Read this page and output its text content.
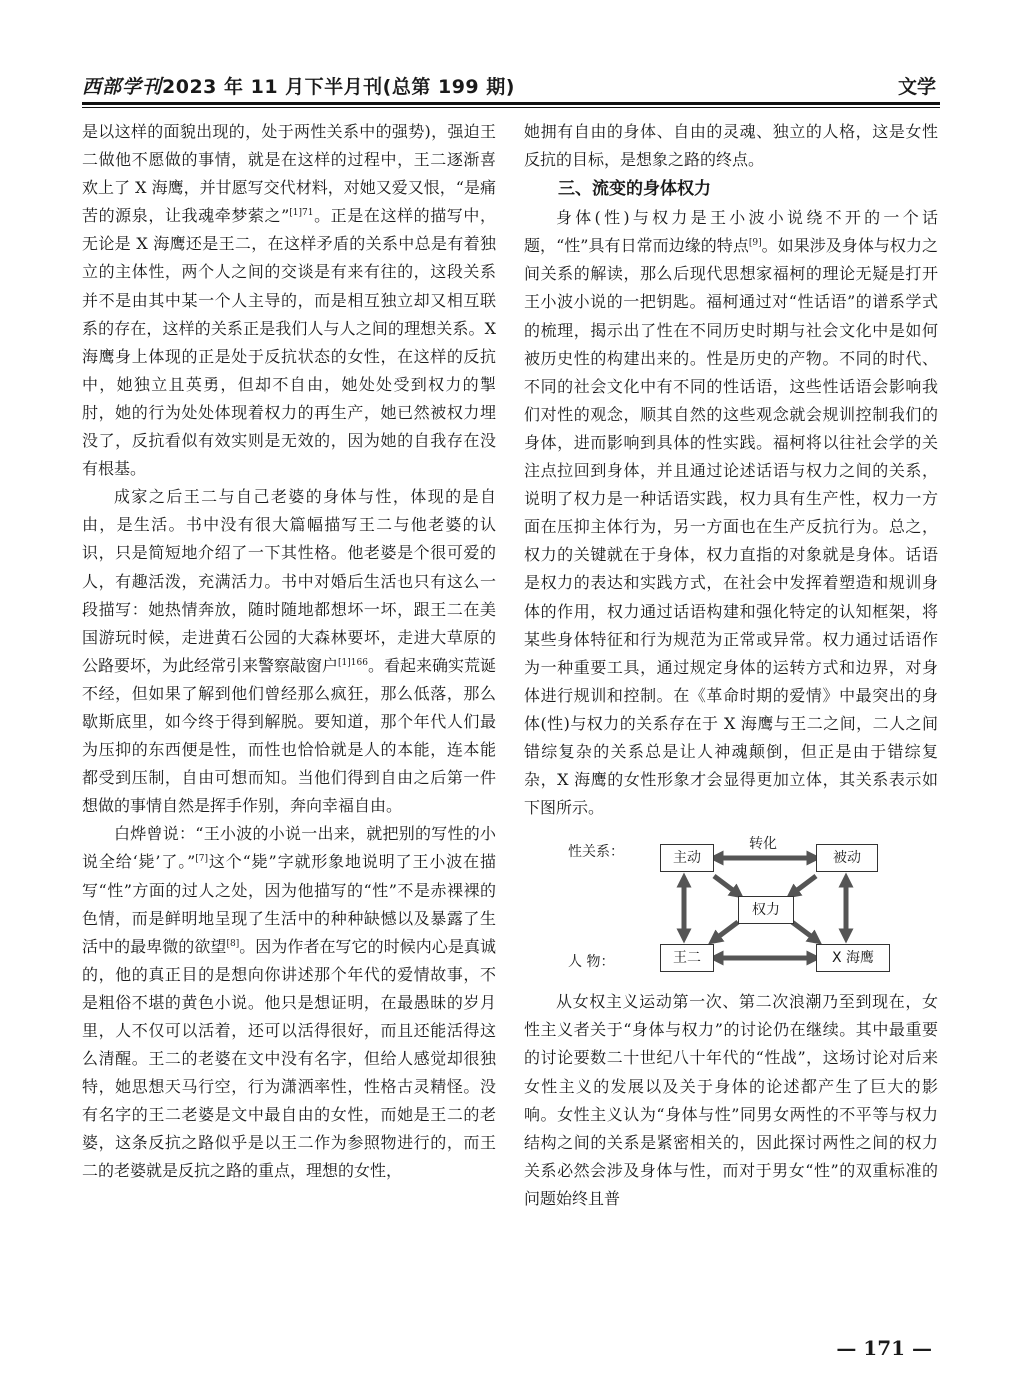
西部学刊2023 年 11 月下半月刊(总第 199 期)	文学

是以这样的面貌出现的，处于两性关系中的强势)，强迫王二做他不愿做的事情，就是在这样的过程中，王二逐渐喜欢上了 X 海鹰，并甘愿写交代材料，对她又爱又恨，“是痛苦的源泉，让我魂牵梦萦之”$^{[1]71}$。正是在这样的描写中，无论是 X 海鹰还是王二，在这样矛盾的关系中总是有着独立的主体性，两个人之间的交谈是有来有往的，这段关系并不是由其中某一个人主导的，而是相互独立却又相互联系的存在，这样的关系正是我们人与人之间的理想关系。X 海鹰身上体现的正是处于反抗状态的女性，在这样的反抗中，她独立且英勇，但却不自由，她处处受到权力的掣肘，她的行为处处体现着权力的再生产，她已然被权力埋没了，反抗看似有效实则是无效的，因为她的自我存在没有根基。

成家之后王二与自己老婆的身体与性，体现的是自由，是生活。书中没有很大篇幅描写王二与他老婆的认识，只是简短地介绍了一下其性格。他老婆是个很可爱的人，有趣活泼，充满活力。书中对婚后生活也只有这么一段描写：她热情奔放，随时随地都想坏一坏，跟王二在美国游玩时候，走进黄石公园的大森林要坏，走进大草原的公路要坏，为此经常引来警察敲窗户$^{[1]166}$。看起来确实荒诞不经，但如果了解到他们曾经那么疯狂，那么低落，那么歇斯底里，如今终于得到解脱。要知道，那个年代人们最为压抑的东西便是性，而性也恰恰就是人的本能，连本能都受到压制，自由可想而知。当他们得到自由之后第一件想做的事情自然是挥手作别，奔向幸福自由。

白烨曾说：“王小波的小说一出来，就把别的写性的小说全给‘毙’了。”[7]这个“毙”字就形象地说明了王小波在描写“性”方面的过人之处，因为他描写的“性”不是赤裸裸的色情，而是鲜明地呈现了生活中的种种缺憾以及暴露了生活中的最卑微的欲望[8]。因为作者在写它的时候内心是真诚的，他的真正目的是想向你讲述那个年代的爱情故事，不是粗俗不堪的黄色小说。他只是想证明，在最愚昧的岁月里，人不仅可以活着，还可以活得很好，而且还能活得这么清醒。王二的老婆在文中没有名字，但给人感觉却很独特，她思想天马行空，行为潇洒率性，性格古灵精怪。没有名字的王二老婆是文中最自由的女性，而她是王二的老婆，这条反抗之路似乎是以王二作为参照物进行的，而王二的老婆就是反抗之路的重点，理想的女性，

她拥有自由的身体、自由的灵魂、独立的人格，这是女性反抗的目标，是想象之路的终点。

三、流变的身体权力

身体(性)与权力是王小波小说绕不开的一个话题，“性”具有日常而边缘的特点[9]。如果涉及身体与权力之间关系的解读，那么后现代思想家福柯的理论无疑是打开王小波小说的一把钥匙。福柯通过对“性话语”的谱系学式的梳理，揭示出了性在不同历史时期与社会文化中是如何被历史性的构建出来的。性是历史的产物。不同的时代、不同的社会文化中有不同的性话语，这些性话语会影响我们对性的观念，顺其自然的这些观念就会规训控制我们的身体，进而影响到具体的性实践。福柯将以往社会学的关注点拉回到身体，并且通过论述话语与权力之间的关系，说明了权力是一种话语实践，权力具有生产性，权力一方面在压抑主体行为，另一方面也在生产反抗行为。总之，权力的关键就在于身体，权力直指的对象就是身体。话语是权力的表达和实践方式，在社会中发挥着塑造和规训身体的作用，权力通过话语构建和强化特定的认知框架，将某些身体特征和行为规范为正常或异常。权力通过话语作为一种重要工具，通过规定身体的运转方式和边界，对身体进行规训和控制。在《革命时期的爱情》中最突出的身体(性)与权力的关系存在于 X 海鹰与王二之间，二人之间错综复杂的关系总是让人神魂颠倒，但正是由于错综复杂，X 海鹰的女性形象才会显得更加立体，其关系表示如下图所示。

性关系：
人 物：
转化
主动	被动
权力
王二	X 海鹰

从女权主义运动第一次、第二次浪潮乃至到现在，女性主义者关于“身体与权力”的讨论仍在继续。其中最重要的讨论要数二十世纪八十年代的“性战”，这场讨论对后来女性主义的发展以及关于身体的论述都产生了巨大的影响。女性主义认为“身体与性”同男女两性的不平等与权力结构之间的关系是紧密相关的，因此探讨两性之间的权力关系必然会涉及身体与性，而对于男女“性”的双重标准的问题始终且普

— 171 —
